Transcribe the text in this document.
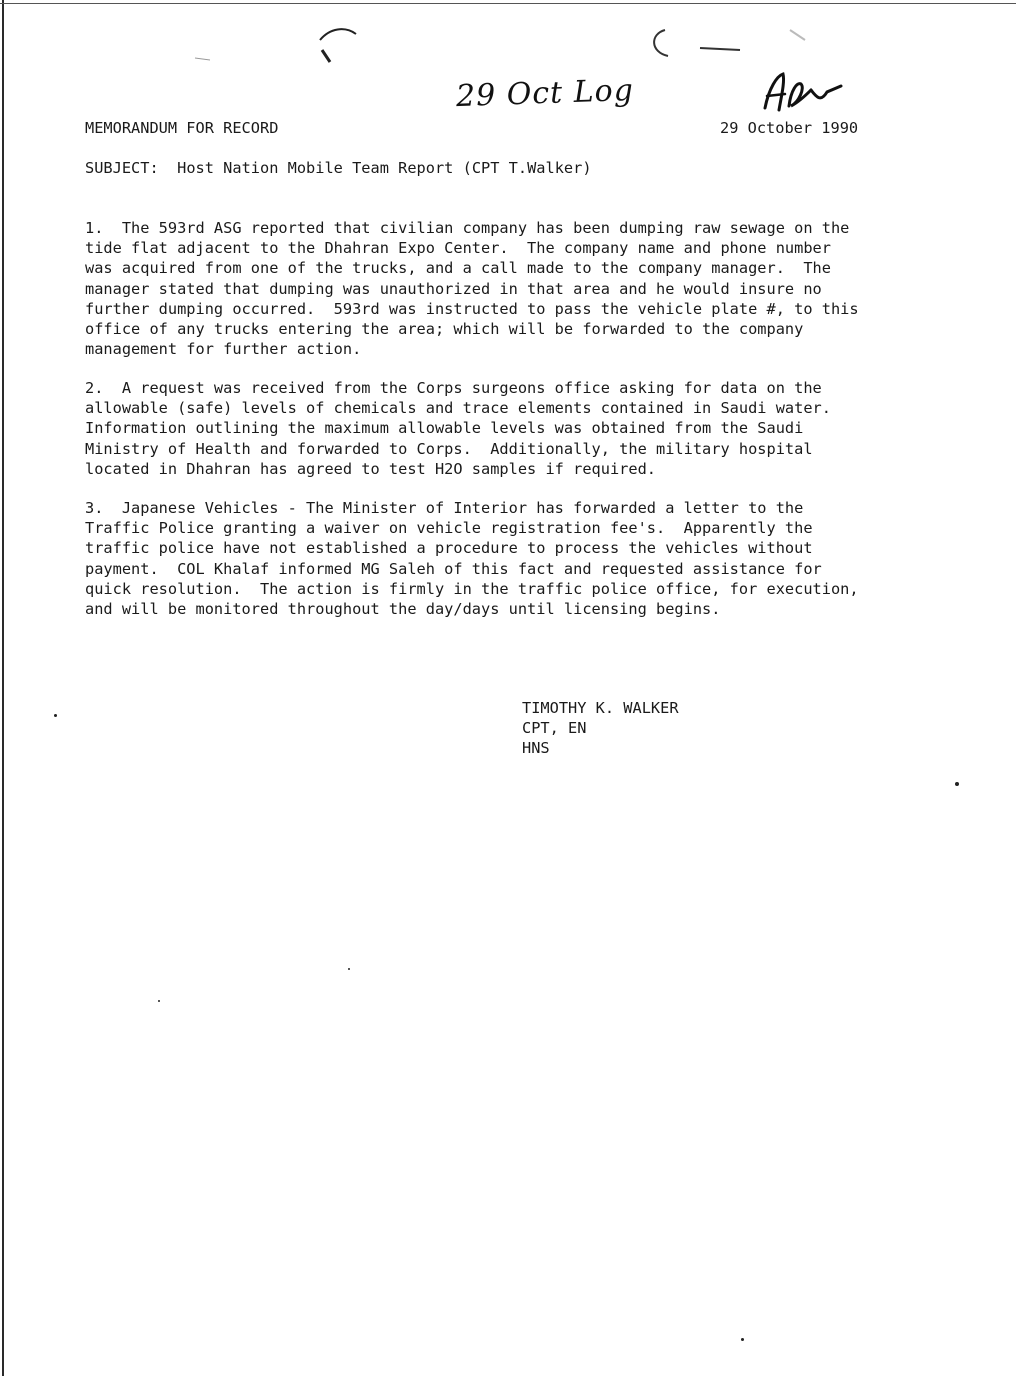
29 Oct Log
MEMORANDUM FOR RECORD	29 October 1990
SUBJECT: Host Nation Mobile Team Report (CPT T.Walker)
1.  The 593rd ASG reported that civilian company has been dumping raw sewage on the
tide flat adjacent to the Dhahran Expo Center.  The company name and phone number
was acquired from one of the trucks, and a call made to the company manager.  The
manager stated that dumping was unauthorized in that area and he would insure no
further dumping occurred.  593rd was instructed to pass the vehicle plate #, to this
office of any trucks entering the area; which will be forwarded to the company
management for further action.
2.  A request was received from the Corps surgeons office asking for data on the
allowable (safe) levels of chemicals and trace elements contained in Saudi water.
Information outlining the maximum allowable levels was obtained from the Saudi
Ministry of Health and forwarded to Corps.  Additionally, the military hospital
located in Dhahran has agreed to test H2O samples if required.
3.  Japanese Vehicles - The Minister of Interior has forwarded a letter to the
Traffic Police granting a waiver on vehicle registration fee's.  Apparently the
traffic police have not established a procedure to process the vehicles without
payment.  COL Khalaf informed MG Saleh of this fact and requested assistance for
quick resolution.  The action is firmly in the traffic police office, for execution,
and will be monitored throughout the day/days until licensing begins.
TIMOTHY K. WALKER
CPT, EN
HNS
